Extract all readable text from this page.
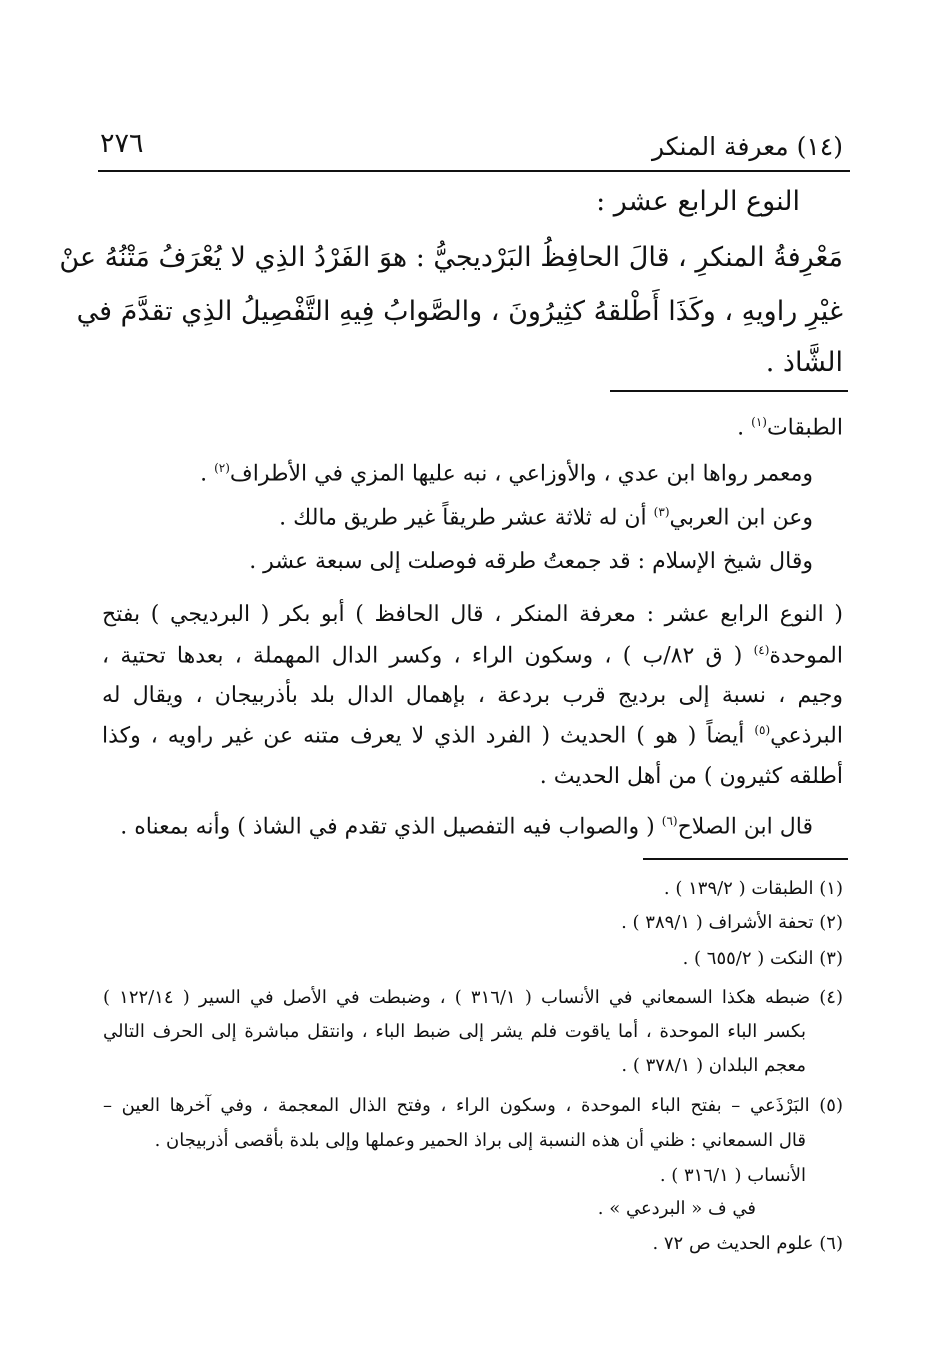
٢٧٦	(١٤) معرفة المنكر
النوع الرابع عشر :
مَعْرِفةُ المنكرِ ، قالَ الحافِظُ البَرْديجيُّ : هوَ الفَرْدُ الذِي لا يُعْرَفُ مَتْنُهُ عنْ
غيْرِ راويهِ ، وكَذَا أَطْلقهُ كثِيرُونَ ، والصَّوابُ فِيهِ التَّفْصِيلُ الذِي تقدَّمَ في
الشَّاذ .
الطبقات$^{(١)}$ .
ومعمر رواها ابن عدي ، والأوزاعي ، نبه عليها المزي في الأطراف$^{(٢)}$ .
وعن ابن العربي$^{(٣)}$ أن له ثلاثة عشر طريقاً غير طريق مالك .
وقال شيخ الإسلام : قد جمعتُ طرقه فوصلت إلى سبعة عشر .
( النوع الرابع عشر : معرفة المنكر ، قال الحافظ ) أبو بكر ( البرديجي ) بفتح
الموحدة$^{(٤)}$ ( ق ٨٢/ب ) ، وسكون الراء ، وكسر الدال المهملة ، بعدها تحتية ،
وجيم ، نسبة إلى برديج قرب بردعة ، بإهمال الدال بلد بأذربيجان ، ويقال له
البرذعي$^{(٥)}$ أيضاً ( هو ) الحديث ( الفرد الذي لا يعرف متنه عن غير راويه ، وكذا
أطلقه كثيرون ) من أهل الحديث .
قال ابن الصلاح$^{(٦)}$ ( والصواب فيه التفصيل الذي تقدم في الشاذ ) وأنه بمعناه .
(١) الطبقات ( ١٣٩/٢ ) .
(٢) تحفة الأشراف ( ٣٨٩/١ ) .
(٣) النكت ( ٦٥٥/٢ ) .
(٤) ضبطه هكذا السمعاني في الأنساب ( ٣١٦/١ ) ، وضبطت في الأصل في السير ( ١٢٢/١٤ )
بكسر الباء الموحدة ، أما ياقوت فلم يشر إلى ضبط الباء ، وانتقل مباشرة إلى الحرف التالي
معجم البلدان ( ٣٧٨/١ ) .
(٥) البَرْذَعي – بفتح الباء الموحدة ، وسكون الراء ، وفتح الذال المعجمة ، وفي آخرها العين –
قال السمعاني : ظني أن هذه النسبة إلى براذ الحمير وعملها وإلى بلدة بأقصى أذربيجان .
الأنساب ( ٣١٦/١ ) .
في ف « البردعي » .
(٦) علوم الحديث ص ٧٢ .
